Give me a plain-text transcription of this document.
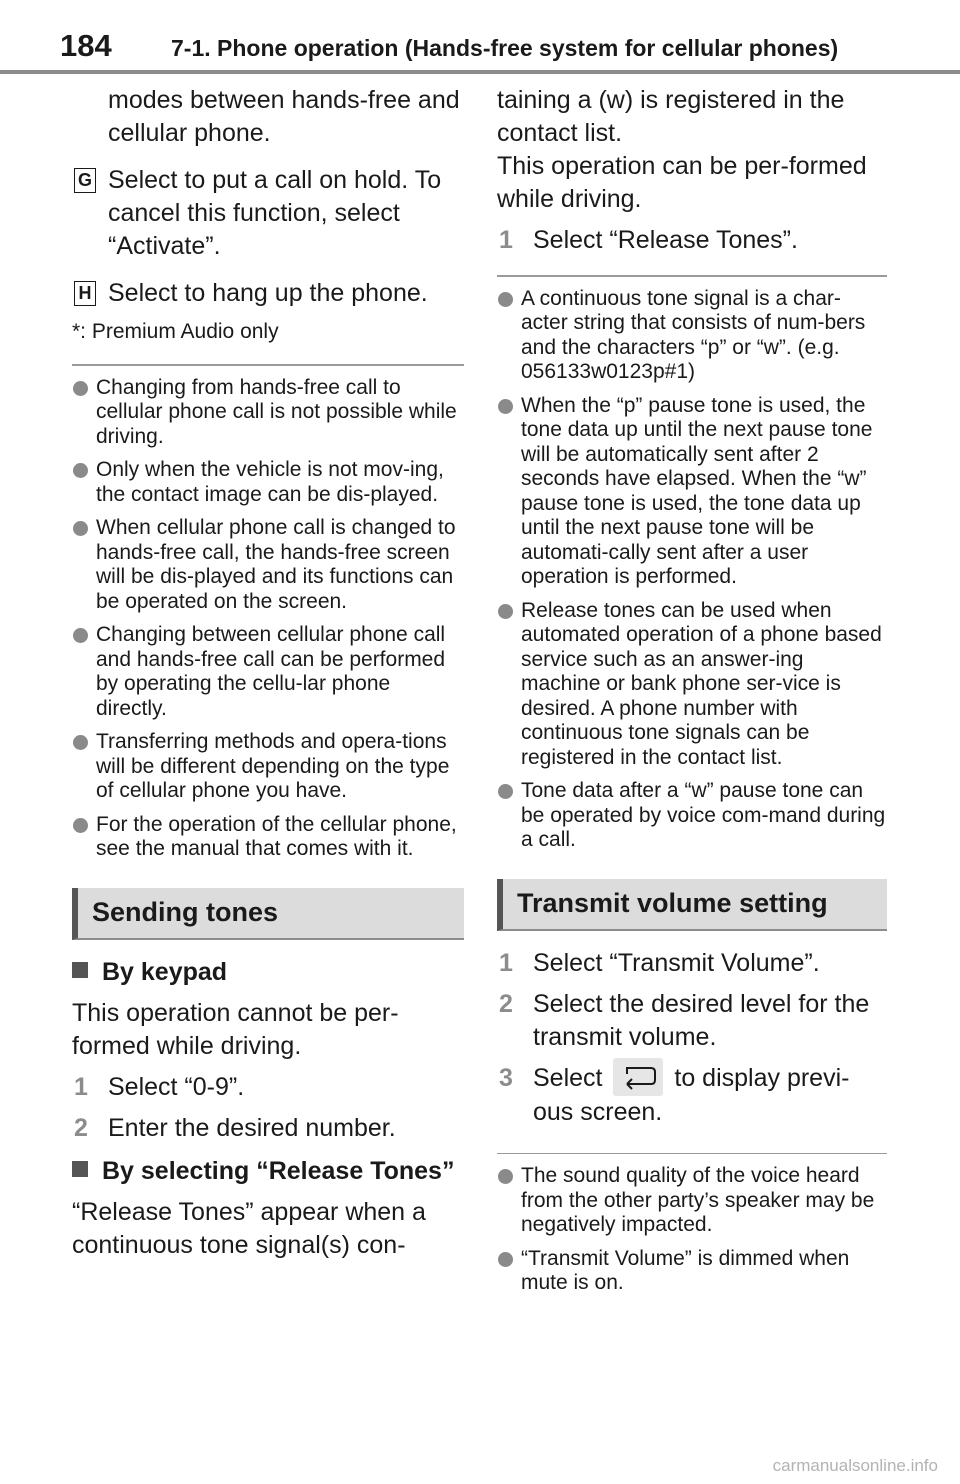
184	7-1. Phone operation (Hands-free system for cellular phones)

modes between hands-free and cellular phone.

G Select to put a call on hold. To cancel this function, select “Activate”.
H Select to hang up the phone.

*: Premium Audio only

Changing from hands-free call to cellular phone call is not possible while driving.
Only when the vehicle is not mov-ing, the contact image can be dis-played.
When cellular phone call is changed to hands-free call, the hands-free screen will be dis-played and its functions can be operated on the screen.
Changing between cellular phone call and hands-free call can be performed by operating the cellu-lar phone directly.
Transferring methods and opera-tions will be different depending on the type of cellular phone you have.
For the operation of the cellular phone, see the manual that comes with it.
Sending tones
By keypad

This operation cannot be per-formed while driving.

1 Select “0-9”.
2 Enter the desired number.
By selecting “Release Tones”

“Release Tones” appear when a continuous tone signal(s) con-

taining a (w) is registered in the contact list.

This operation can be per-formed while driving.

1 Select “Release Tones”.
A continuous tone signal is a char-acter string that consists of num-bers and the characters “p” or “w”. (e.g. 056133w0123p#1)
When the “p” pause tone is used, the tone data up until the next pause tone will be automatically sent after 2 seconds have elapsed. When the “w” pause tone is used, the tone data up until the next pause tone will be automati-cally sent after a user operation is performed.
Release tones can be used when automated operation of a phone based service such as an answer-ing machine or bank phone ser-vice is desired. A phone number with continuous tone signals can be registered in the contact list.
Tone data after a “w” pause tone can be operated by voice com-mand during a call.
Transmit volume setting
1 Select “Transmit Volume”.
2 Select the desired level for the transmit volume.
3 Select	to display previ-ous screen.
The sound quality of the voice heard from the other party’s speaker may be negatively impacted.
“Transmit Volume” is dimmed when mute is on.
carmanualsonline.info
